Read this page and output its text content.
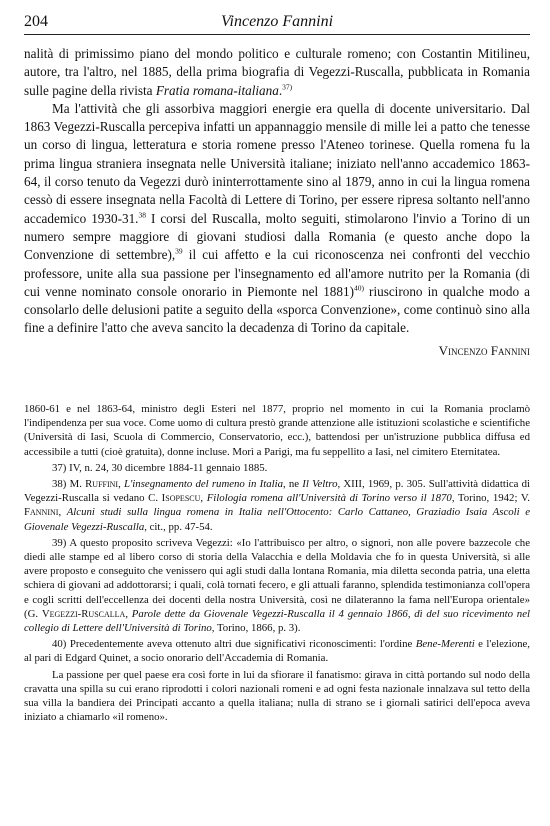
204	Vincenzo Fannini

nalità di primissimo piano del mondo politico e culturale romeno; con Costantin Mitilineu, autore, tra l'altro, nel 1885, della prima biografia di Vegezzi-Ruscalla, pubblicata in Romania sulle pagine della rivista Fratia romana-italiana.$^{37)}$

Ma l'attività che gli assorbiva maggiori energie era quella di docente universitario. Dal 1863 Vegezzi-Ruscalla percepiva infatti un appannaggio mensile di mille lei a patto che tenesse un corso di lingua, letteratura e storia romene presso l'Ateneo torinese. Quella romena fu la prima lingua straniera insegnata nelle Università italiane; iniziato nell'anno accademico 1863-64, il corso tenuto da Vegezzi durò ininterrottamente sino al 1879, anno in cui la lingua romena cessò di essere insegnata nella Facoltà di Lettere di Torino, per essere ripresa soltanto nell'anno accademico 1930-31.38 I corsi del Ruscalla, molto seguiti, stimolarono l'invio a Torino di un numero sempre maggiore di giovani studiosi dalla Romania (e questo anche dopo la Convenzione di settembre),$^{39}$ il cui affetto e la cui riconoscenza nei confronti del vecchio professore, unite alla sua passione per l'insegnamento ed all'amore nutrito per la Romania (di cui venne nominato console onorario in Piemonte nel 1881)$^{40)}$ riuscirono in qualche modo a consolarlo delle delusioni patite a seguito della «sporca Convenzione», come continuò sino alla fine a definire l'atto che aveva sancito la decadenza di Torino da capitale.

Vincenzo Fannini

1860-61 e nel 1863-64, ministro degli Esteri nel 1877, proprio nel momento in cui la Romania proclamò l'indipendenza per sua voce. Come uomo di cultura prestò grande attenzione alle istituzioni scolastiche e scientifiche (Università di Iasi, Scuola di Commercio, Conservatorio, ecc.), battendosi per un'istruzione pubblica diffusa ed accessibile a tutti (cioè gratuita), donne incluse. Morì a Parigi, ma fu seppellito a Iasi, nel cimitero Eternitatea.

37) IV, n. 24, 30 dicembre 1884-11 gennaio 1885.

38) M. Ruffini, L'insegnamento del rumeno in Italia, ne Il Veltro, XIII, 1969, p. 305. Sull'attività didattica di Vegezzi-Ruscalla si vedano C. Isopescu, Filologia romena all'Università di Torino verso il 1870, Torino, 1942; V. Fannini, Alcuni studi sulla lingua romena in Italia nell'Ottocento: Carlo Cattaneo, Graziadio Isaia Ascoli e Giovenale Vegezzi-Ruscalla, cit., pp. 47-54.

39) A questo proposito scriveva Vegezzi: «Io l'attribuisco per altro, o signori, non alle povere bazzecole che diedi alle stampe ed al libero corso di storia della Valacchia e della Moldavia che fo in questa Università, sì alle avere proposto e conseguito che venissero qui agli studi dalla lontana Romania, mia diletta seconda patria, una eletta schiera di giovani ad addottorarsi; i quali, colà tornati fecero, e gli attuali faranno, splendida testimonianza coll'opera e cogli scritti dell'eccellenza dei docenti della nostra Università, così ne dilateranno la fama nell'Europa orientale» (G. Vegezzi-Ruscalla, Parole dette da Giovenale Vegezzi-Ruscalla il 4 gennaio 1866, dì del suo ricevimento nel collegio di Lettere dell'Università di Torino, Torino, 1866, p. 3).

40) Precedentemente aveva ottenuto altri due significativi riconoscimenti: l'ordine Bene-Merenti e l'elezione, al pari di Edgard Quinet, a socio onorario dell'Accademia di Romania.

La passione per quel paese era così forte in lui da sfiorare il fanatismo: girava in città portando sul nodo della cravatta una spilla su cui erano riprodotti i colori nazionali romeni e ad ogni festa nazionale innalzava sul tetto della sua villa la bandiera dei Principati accanto a quella italiana; nulla di strano se i giornali satirici dell'epoca aveva iniziato a chiamarlo «il romeno».
